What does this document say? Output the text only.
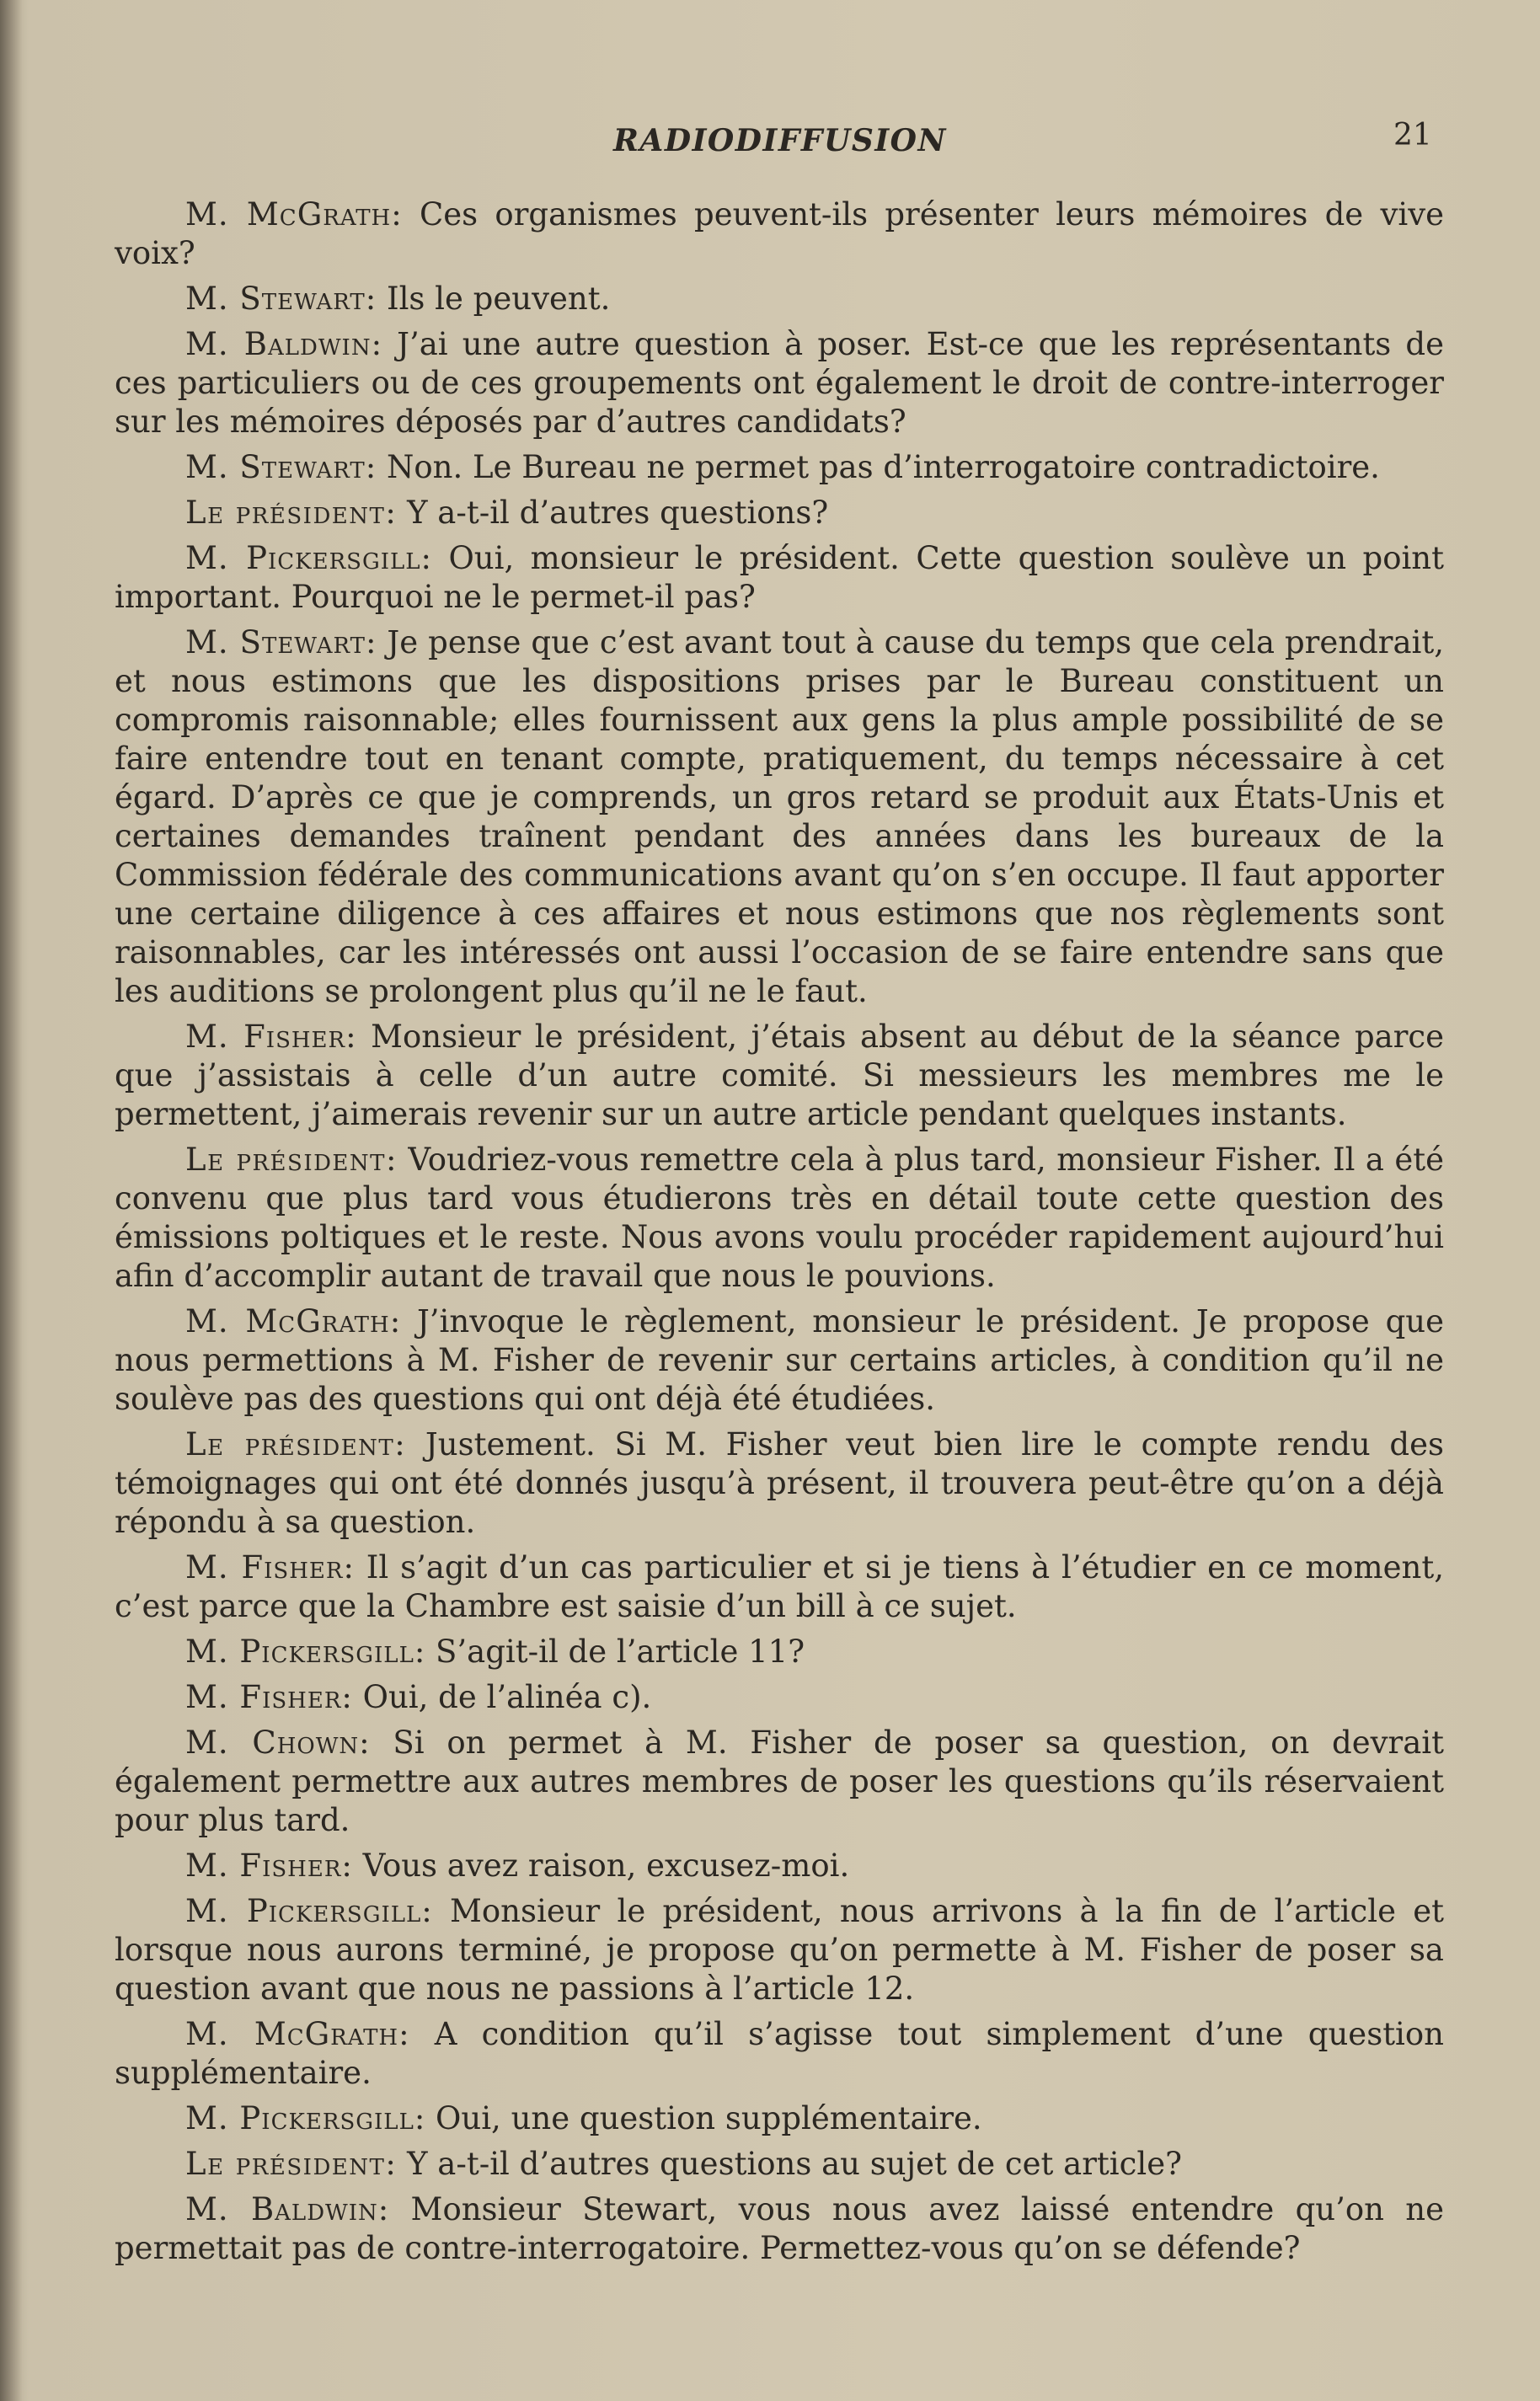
RADIODIFFUSION	21

M. McGrath: Ces organismes peuvent-ils présenter leurs mémoires de vive voix?

M. Stewart: Ils le peuvent.

M. Baldwin: J’ai une autre question à poser. Est-ce que les représentants de ces particuliers ou de ces groupements ont également le droit de contre-interroger sur les mémoires déposés par d’autres candidats?

M. Stewart: Non. Le Bureau ne permet pas d’interrogatoire contradictoire.

Le président: Y a-t-il d’autres questions?

M. Pickersgill: Oui, monsieur le président. Cette question soulève un point important. Pourquoi ne le permet-il pas?

M. Stewart: Je pense que c’est avant tout à cause du temps que cela prendrait, et nous estimons que les dispositions prises par le Bureau constituent un compromis raisonnable; elles fournissent aux gens la plus ample possibilité de se faire entendre tout en tenant compte, pratiquement, du temps nécessaire à cet égard. D’après ce que je comprends, un gros retard se produit aux États-Unis et certaines demandes traînent pendant des années dans les bureaux de la Commission fédérale des communications avant qu’on s’en occupe. Il faut apporter une certaine diligence à ces affaires et nous estimons que nos règlements sont raisonnables, car les intéressés ont aussi l’occasion de se faire entendre sans que les auditions se prolongent plus qu’il ne le faut.

M. Fisher: Monsieur le président, j’étais absent au début de la séance parce que j’assistais à celle d’un autre comité. Si messieurs les membres me le permettent, j’aimerais revenir sur un autre article pendant quelques instants.

Le président: Voudriez-vous remettre cela à plus tard, monsieur Fisher. Il a été convenu que plus tard vous étudierons très en détail toute cette question des émissions poltiques et le reste. Nous avons voulu procéder rapidement aujourd’hui afin d’accomplir autant de travail que nous le pouvions.

M. McGrath: J’invoque le règlement, monsieur le président. Je propose que nous permettions à M. Fisher de revenir sur certains articles, à condition qu’il ne soulève pas des questions qui ont déjà été étudiées.

Le président: Justement. Si M. Fisher veut bien lire le compte rendu des témoignages qui ont été donnés jusqu’à présent, il trouvera peut-être qu’on a déjà répondu à sa question.

M. Fisher: Il s’agit d’un cas particulier et si je tiens à l’étudier en ce moment, c’est parce que la Chambre est saisie d’un bill à ce sujet.

M. Pickersgill: S’agit-il de l’article 11?

M. Fisher: Oui, de l’alinéa c).

M. Chown: Si on permet à M. Fisher de poser sa question, on devrait également permettre aux autres membres de poser les questions qu’ils réservaient pour plus tard.

M. Fisher: Vous avez raison, excusez-moi.

M. Pickersgill: Monsieur le président, nous arrivons à la fin de l’article et lorsque nous aurons terminé, je propose qu’on permette à M. Fisher de poser sa question avant que nous ne passions à l’article 12.

M. McGrath: A condition qu’il s’agisse tout simplement d’une question supplémentaire.

M. Pickersgill: Oui, une question supplémentaire.

Le président: Y a-t-il d’autres questions au sujet de cet article?

M. Baldwin: Monsieur Stewart, vous nous avez laissé entendre qu’on ne permettait pas de contre-interrogatoire. Permettez-vous qu’on se défende?
